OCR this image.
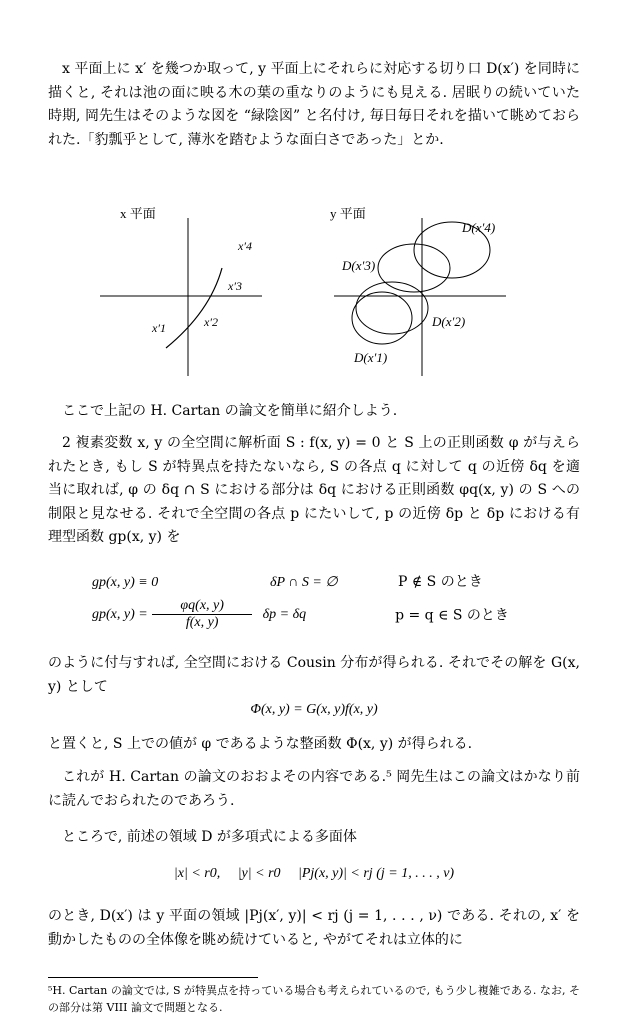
x 平面上に x′ を幾つか取って, y 平面上にそれらに対応する切り口 D(x′) を同時に描くと, それは池の面に映る木の葉の重なりのようにも見える. 居眠りの続いていた時期, 岡先生はそのような図を “緑陰図” と名付け, 毎日毎日それを描いて眺めておられた.「豹瓢乎として, 薄氷を踏むような面白さであった」とか.

x 平面
x′4
x′3
x′2
x′1
y 平面
D(x′4)
D(x′3)
D(x′2)
D(x′1)

ここで上記の H. Cartan の論文を簡単に紹介しよう.

2 複素変数 x, y の全空間に解析面 S : f(x, y) = 0 と S 上の正則函数 φ が与えられたとき, もし S が特異点を持たないなら, S の各点 q に対して q の近傍 δq を適当に取れば, φ の δq ∩ S における部分は δq における正則函数 φq(x, y) の S への制限と見なせる. それで全空間の各点 p にたいして, p の近傍 δp と δp における有理型函数 gp(x, y) を

gp(x, y) ≡ 0	δP ∩ S = ∅	P ∉ S のとき
gp(x, $y) = \frac{\varphi q(x, y)}{f(x, y)}$ δp = δq	p = q ∈ S のとき

のように付与すれば, 全空間における Cousin 分布が得られる. それでその解を G(x, y) として

Φ(x, y) = G(x, y)f(x, y)

と置くと, S 上での値が φ であるような整函数 Φ(x, y) が得られる.

これが H. Cartan の論文のおおよその内容である.⁵ 岡先生はこの論文はかなり前に読んでおられたのであろう.

ところで, 前述の領域 D が多項式による多面体

|x| < r0,     |y| < r0     |Pj(x, y)| < rj (j = 1, . . . , ν)

のとき, D(x′) は y 平面の領域 |Pj(x′, y)| < rj (j = 1, . . . , ν) である. それの, x′ を動かしたものの全体像を眺め続けていると, やがてそれは立体的に

⁵H. Cartan の論文では, S が特異点を持っている場合も考えられているので, もう少し複雑である. なお, その部分は第 VIII 論文で問題となる.
